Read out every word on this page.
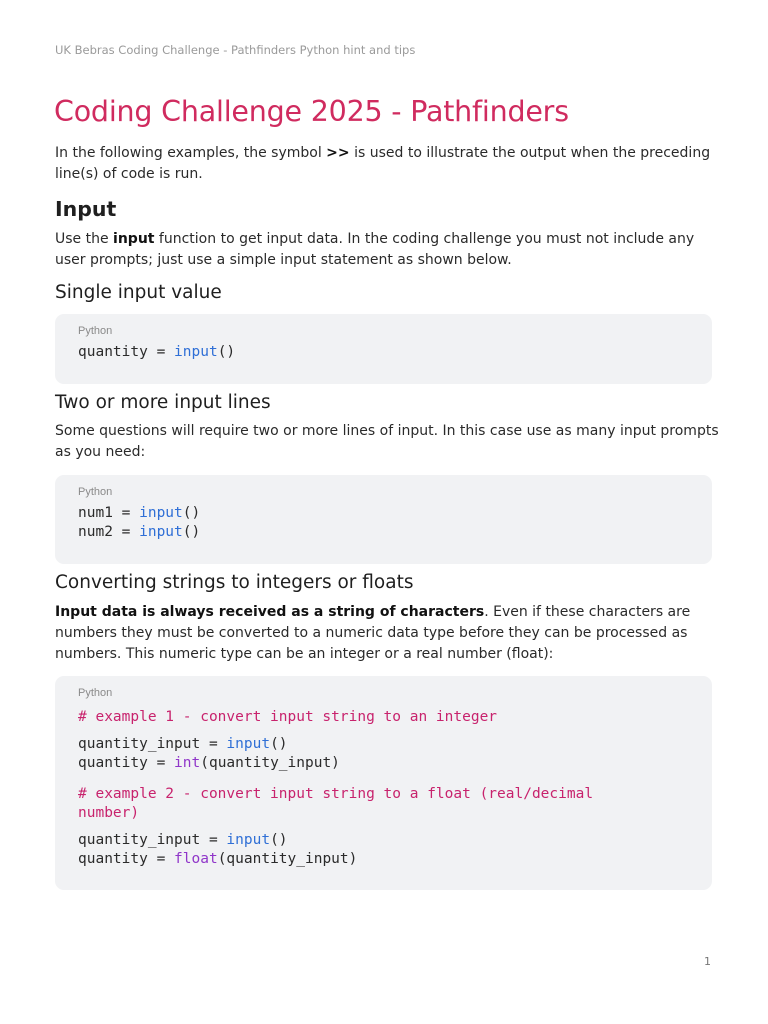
UK Bebras Coding Challenge - Pathfinders Python hint and tips
Coding Challenge 2025 - Pathfinders

In the following examples, the symbol >> is used to illustrate the output when the preceding line(s) of code is run.

Input

Use the input function to get input data. In the coding challenge you must not include any user prompts; just use a simple input statement as shown below.

Single input value
Python
quantity = input()
Two or more input lines

Some questions will require two or more lines of input. In this case use as many input prompts as you need:

Python
num1 = input()
num2 = input()
Converting strings to integers or floats

Input data is always received as a string of characters. Even if these characters are numbers they must be converted to a numeric data type before they can be processed as numbers. This numeric type can be an integer or a real number (float):

Python
# example 1 - convert input string to an integer
quantity_input = input()
quantity = int(quantity_input)
# example 2 - convert input string to a float (real/decimal
number)
quantity_input = input()
quantity = float(quantity_input)
1
